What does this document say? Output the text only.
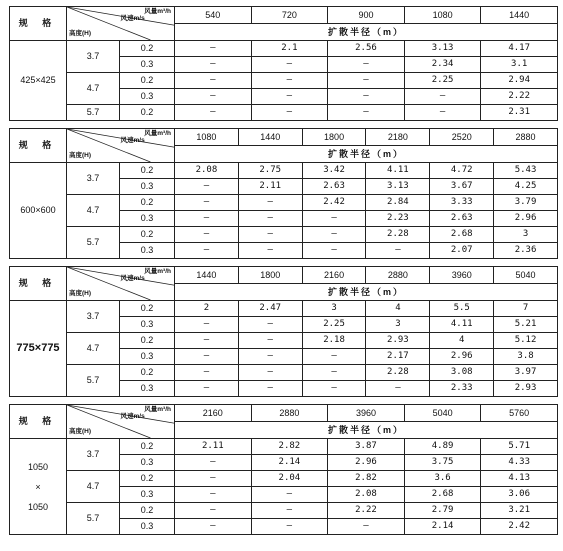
规 格	风量m³/h
风速m/s
高度(H)		540	720	900	1080	1440
			扩散半径（m）				
425×425	3.7	0.2	–	2.1	2.56	3.13	4.17
		0.3	–	–	–	2.34	3.1
	4.7	0.2	–	–	–	2.25	2.94
		0.3	–	–	–	–	2.22
	5.7	0.2	–	–	–	–	2.31
规 格	风量m³/h
风速m/s
高度(H)		1080	1440	1800	2180	2520	2880
			扩散半径（m）					
600×600	3.7	0.2	2.08	2.75	3.42	4.11	4.72	5.43
		0.3	–	2.11	2.63	3.13	3.67	4.25
	4.7	0.2	–	–	2.42	2.84	3.33	3.79
		0.3	–	–	–	2.23	2.63	2.96
	5.7	0.2	–	–	–	2.28	2.68	3
		0.3	–	–	–	–	2.07	2.36
规 格	风量m³/h
风速m/s
高度(H)		1440	1800	2160	2880	3960	5040
			扩散半径（m）					
775×775	3.7	0.2	2	2.47	3	4	5.5	7
		0.3	–	–	2.25	3	4.11	5.21
	4.7	0.2	–	–	2.18	2.93	4	5.12
		0.3	–	–	–	2.17	2.96	3.8
	5.7	0.2	–	–	–	2.28	3.08	3.97
		0.3	–	–	–	–	2.33	2.93
规 格	风量m³/h
风速m/s
高度(H)		2160	2880	3960	5040	5760
			扩散半径（m）				
1050
×
1050	3.7	0.2	2.11	2.82	3.87	4.89	5.71
		0.3	–	2.14	2.96	3.75	4.33
	4.7	0.2	–	2.04	2.82	3.6	4.13
		0.3	–	–	2.08	2.68	3.06
	5.7	0.2	–	–	2.22	2.79	3.21
		0.3	–	–	–	2.14	2.42
